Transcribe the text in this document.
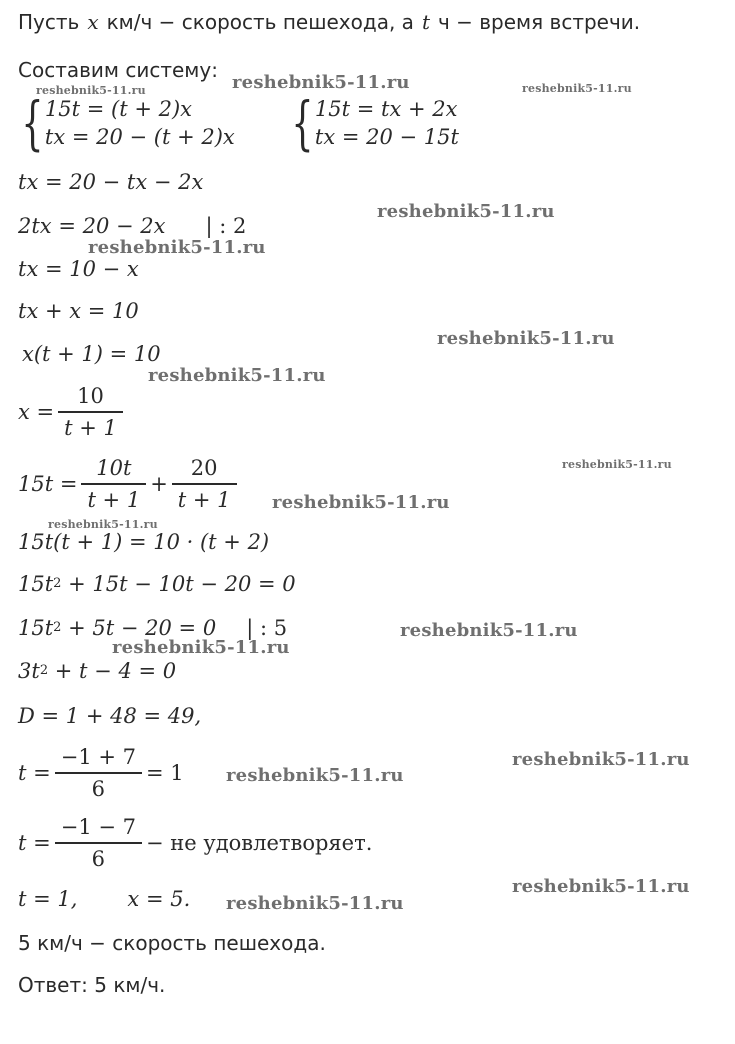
Пусть x км/ч − скорость пешехода, а t ч − время встречи.
Составим систему:
{ 15t = (t + 2)x
tx = 20 − (t + 2)x { 15t = tx + 2x
tx = 20 − 15t
tx = 20 − tx − 2x
2tx = 20 − 2x | : 2
tx = 10 − x
tx + x = 10
x(t + 1) = 10
$x = \frac{10}{t + 1}$
$15t = \frac{10t}{t + 1} + \frac{20}{t + 1}$
15t(t + 1) = 10 · (t + 2)
15t 2
+ 15t − 10t − 20 = 0
15t 2
+ 5t − 20 = 0 | : 5
3t 2
+ t − 4 = 0
D = 1 + 48 = 49,
$t = \frac{-1 + 7}{6} = 1$
$t = \frac{-1 - 7}{6}$ − не удовлетворяет.
t = 1, x = 5.
5 км/ч − скорость пешехода.
Ответ: 5 км/ч.
reshebnik5-11.ru
reshebnik5-11.ru	reshebnik5-11.ru
reshebnik5-11.ru
reshebnik5-11.ru
reshebnik5-11.ru
reshebnik5-11.ru
reshebnik5-11.ru
reshebnik5-11.ru
reshebnik5-11.ru
reshebnik5-11.ru
reshebnik5-11.ru
reshebnik5-11.ru
reshebnik5-11.ru
reshebnik5-11.ru
reshebnik5-11.ru
